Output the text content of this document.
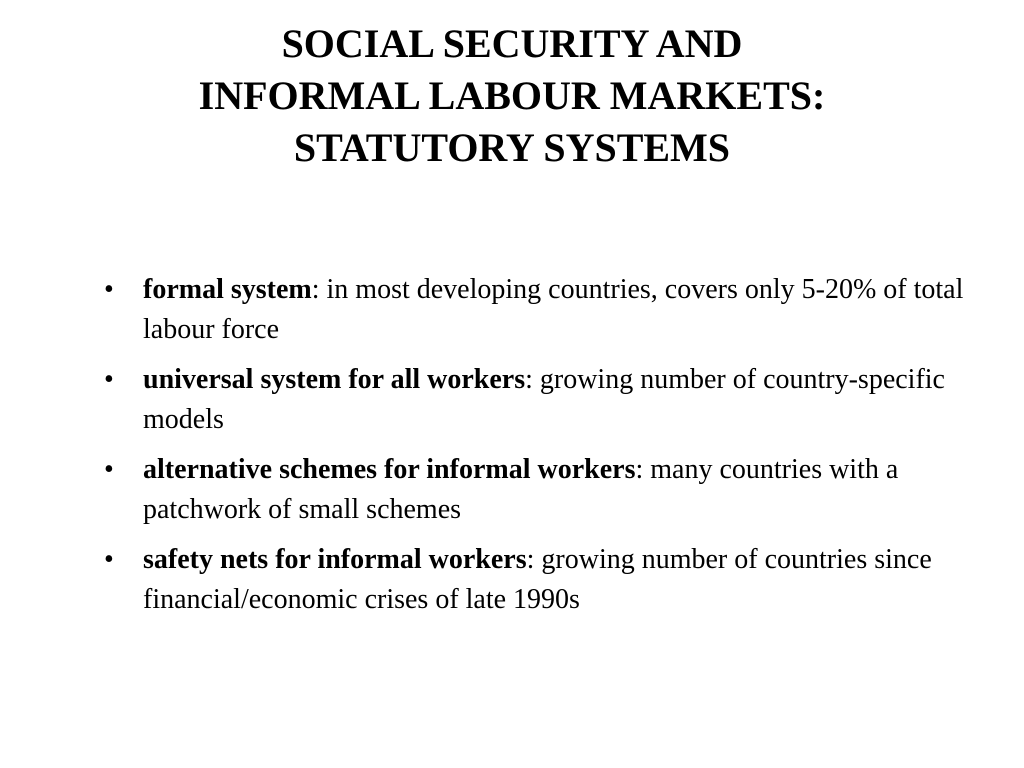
SOCIAL SECURITY AND
INFORMAL LABOUR MARKETS:
STATUTORY SYSTEMS
•	formal system: in most developing countries, covers only 5-20% of total labour force
•	universal system for all workers: growing number of country-specific models
•	alternative schemes for informal workers: many countries with a patchwork of small schemes
•	safety nets for informal workers: growing number of countries since financial/economic crises of late 1990s
